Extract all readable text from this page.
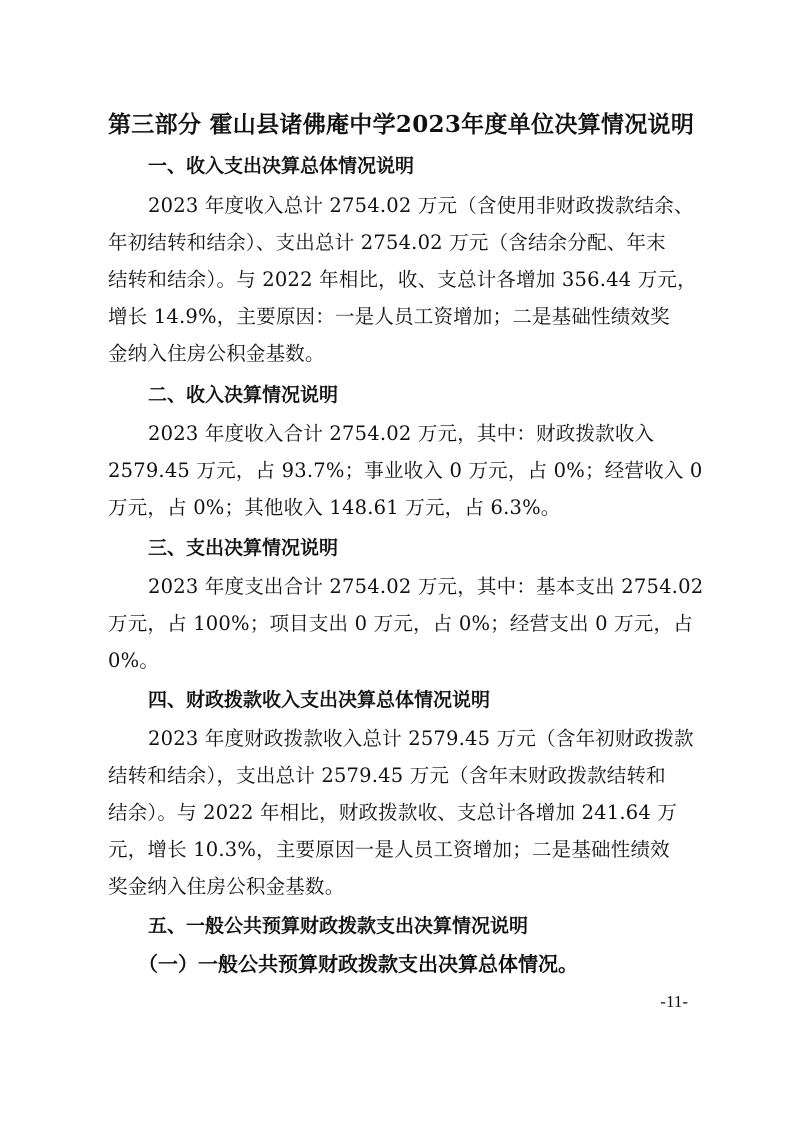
第三部分 霍山县诸佛庵中学2023年度单位决算情况说明
一、收入支出决算总体情况说明
2023 年度收入总计 2754.02 万元（含使用非财政拨款结余、
年初结转和结余）、支出总计 2754.02 万元（含结余分配、年末
结转和结余）。与 2022 年相比，收、支总计各增加 356.44 万元，
增长 14.9%，主要原因：一是人员工资增加；二是基础性绩效奖
金纳入住房公积金基数。
二、收入决算情况说明
2023 年度收入合计 2754.02 万元，其中：财政拨款收入
2579.45 万元，占 93.7%；事业收入 0 万元，占 0%；经营收入 0
万元，占 0%；其他收入 148.61 万元，占 6.3%。
三、支出决算情况说明
2023 年度支出合计 2754.02 万元，其中：基本支出 2754.02
万元，占 100%；项目支出 0 万元，占 0%；经营支出 0 万元，占
0%。
四、财政拨款收入支出决算总体情况说明
2023 年度财政拨款收入总计 2579.45 万元（含年初财政拨款
结转和结余），支出总计 2579.45 万元（含年末财政拨款结转和
结余）。与 2022 年相比，财政拨款收、支总计各增加 241.64 万
元，增长 10.3%，主要原因一是人员工资增加；二是基础性绩效
奖金纳入住房公积金基数。
五、一般公共预算财政拨款支出决算情况说明
（一）一般公共预算财政拨款支出决算总体情况。
-11-
